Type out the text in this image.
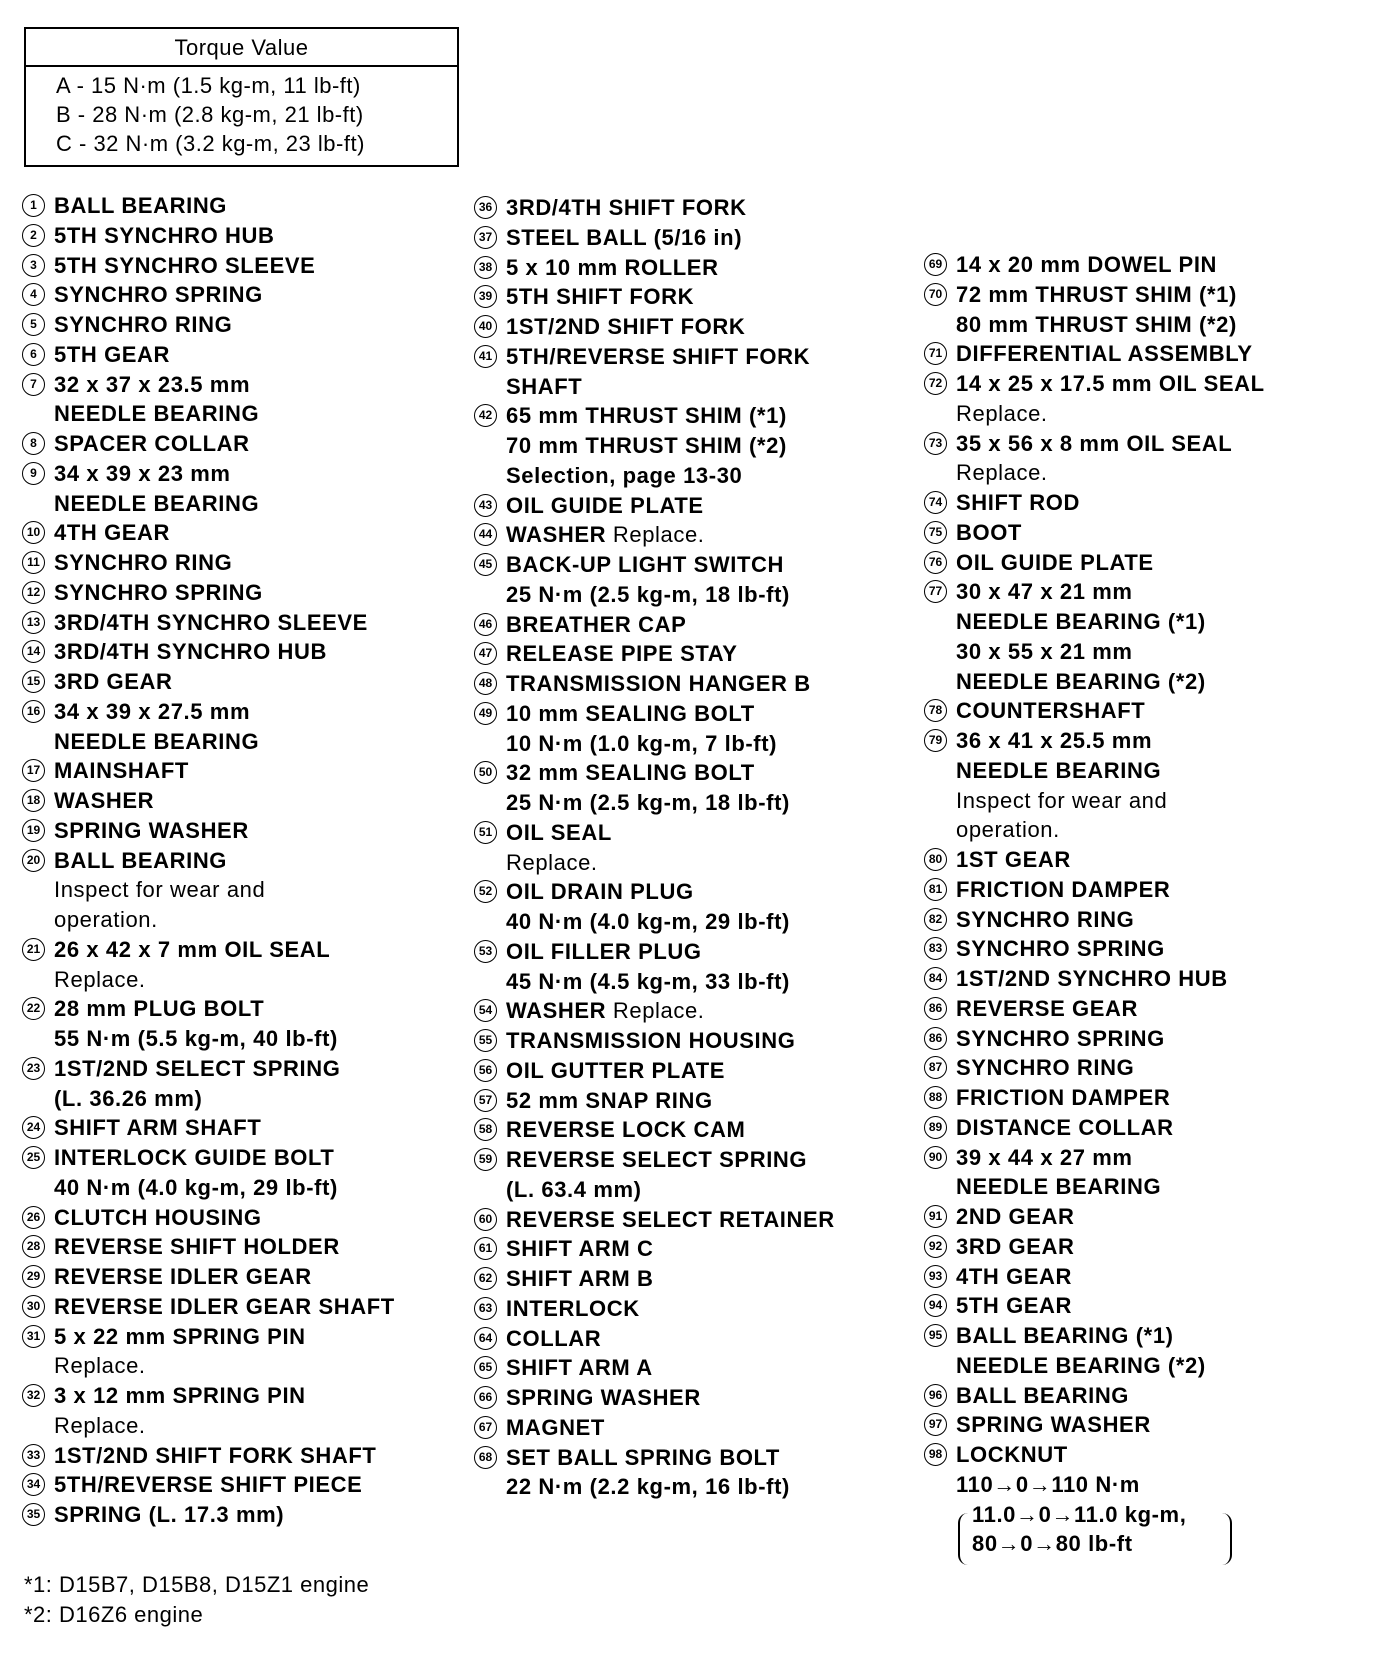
Torque Value
A - 15 N·m (1.5 kg-m, 11 lb-ft)
B - 28 N·m (2.8 kg-m, 21 lb-ft)
C - 32 N·m (3.2 kg-m, 23 lb-ft)
1 BALL BEARING
2 5TH SYNCHRO HUB
3 5TH SYNCHRO SLEEVE
4 SYNCHRO SPRING
5 SYNCHRO RING
6 5TH GEAR
7 32 x 37 x 23.5 mm
NEEDLE BEARING
8 SPACER COLLAR
9 34 x 39 x 23 mm
NEEDLE BEARING
10 4TH GEAR
11 SYNCHRO RING
12 SYNCHRO SPRING
13 3RD/4TH SYNCHRO SLEEVE
14 3RD/4TH SYNCHRO HUB
15 3RD GEAR
16 34 x 39 x 27.5 mm
NEEDLE BEARING
17 MAINSHAFT
18 WASHER
19 SPRING WASHER
20 BALL BEARING
Inspect for wear and
operation.
21 26 x 42 x 7 mm OIL SEAL
Replace.
22 28 mm PLUG BOLT
55 N·m (5.5 kg-m, 40 lb-ft)
23 1ST/2ND SELECT SPRING
(L. 36.26 mm)
24 SHIFT ARM SHAFT
25 INTERLOCK GUIDE BOLT
40 N·m (4.0 kg-m, 29 lb-ft)
26 CLUTCH HOUSING
28 REVERSE SHIFT HOLDER
29 REVERSE IDLER GEAR
30 REVERSE IDLER GEAR SHAFT
31 5 x 22 mm SPRING PIN
Replace.
32 3 x 12 mm SPRING PIN
Replace.
33 1ST/2ND SHIFT FORK SHAFT
34 5TH/REVERSE SHIFT PIECE
35 SPRING (L. 17.3 mm)
36 3RD/4TH SHIFT FORK
37 STEEL BALL (5/16 in)
38 5 x 10 mm ROLLER
39 5TH SHIFT FORK
40 1ST/2ND SHIFT FORK
41 5TH/REVERSE SHIFT FORK
SHAFT
42 65 mm THRUST SHIM (*1)
70 mm THRUST SHIM (*2)
Selection, page 13-30
43 OIL GUIDE PLATE
44 WASHER Replace.
45 BACK-UP LIGHT SWITCH
25 N·m (2.5 kg-m, 18 lb-ft)
46 BREATHER CAP
47 RELEASE PIPE STAY
48 TRANSMISSION HANGER B
49 10 mm SEALING BOLT
10 N·m (1.0 kg-m, 7 lb-ft)
50 32 mm SEALING BOLT
25 N·m (2.5 kg-m, 18 lb-ft)
51 OIL SEAL
Replace.
52 OIL DRAIN PLUG
40 N·m (4.0 kg-m, 29 lb-ft)
53 OIL FILLER PLUG
45 N·m (4.5 kg-m, 33 lb-ft)
54 WASHER Replace.
55 TRANSMISSION HOUSING
56 OIL GUTTER PLATE
57 52 mm SNAP RING
58 REVERSE LOCK CAM
59 REVERSE SELECT SPRING
(L. 63.4 mm)
60 REVERSE SELECT RETAINER
61 SHIFT ARM C
62 SHIFT ARM B
63 INTERLOCK
64 COLLAR
65 SHIFT ARM A
66 SPRING WASHER
67 MAGNET
68 SET BALL SPRING BOLT
22 N·m (2.2 kg-m, 16 lb-ft)
69 14 x 20 mm DOWEL PIN
70 72 mm THRUST SHIM (*1)
80 mm THRUST SHIM (*2)
71 DIFFERENTIAL ASSEMBLY
72 14 x 25 x 17.5 mm OIL SEAL
Replace.
73 35 x 56 x 8 mm OIL SEAL
Replace.
74 SHIFT ROD
75 BOOT
76 OIL GUIDE PLATE
77 30 x 47 x 21 mm
NEEDLE BEARING (*1)
30 x 55 x 21 mm
NEEDLE BEARING (*2)
78 COUNTERSHAFT
79 36 x 41 x 25.5 mm
NEEDLE BEARING
Inspect for wear and
operation.
80 1ST GEAR
81 FRICTION DAMPER
82 SYNCHRO RING
83 SYNCHRO SPRING
84 1ST/2ND SYNCHRO HUB
86 REVERSE GEAR
86 SYNCHRO SPRING
87 SYNCHRO RING
88 FRICTION DAMPER
89 DISTANCE COLLAR
90 39 x 44 x 27 mm
NEEDLE BEARING
91 2ND GEAR
92 3RD GEAR
93 4TH GEAR
94 5TH GEAR
95 BALL BEARING (*1)
NEEDLE BEARING (*2)
96 BALL BEARING
97 SPRING WASHER
98 LOCKNUT
110→0→110 N·m
11.0→0→11.0 kg-m,
80→0→80 lb-ft
*1: D15B7, D15B8, D15Z1 engine
*2: D16Z6 engine
